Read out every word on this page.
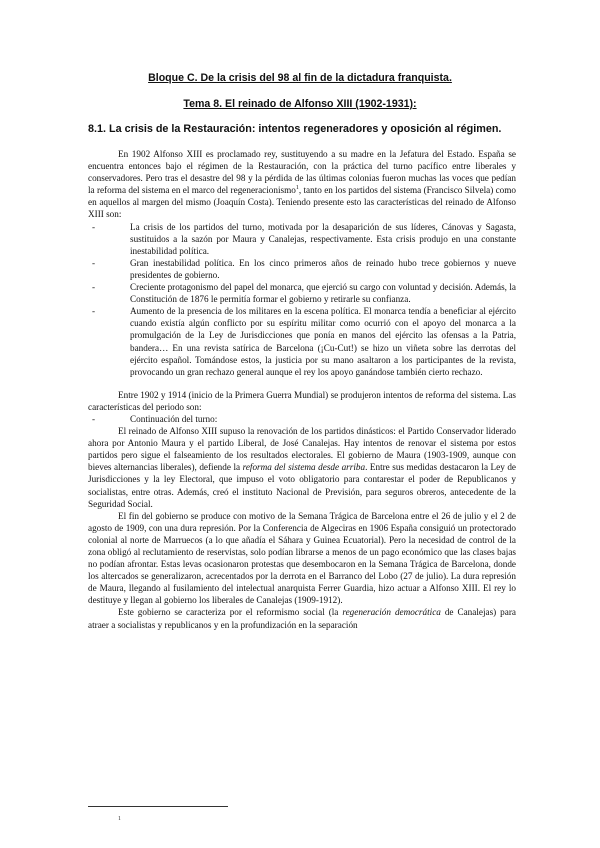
Bloque C. De la crisis del 98 al fin de la dictadura franquista.

Tema 8. El reinado de Alfonso XIII (1902-1931):

8.1. La crisis de la Restauración: intentos regeneradores y oposición al régimen.

En 1902 Alfonso XIII es proclamado rey, sustituyendo a su madre en la Jefatura del Estado. España se encuentra entonces bajo el régimen de la Restauración, con la práctica del turno pacífico entre liberales y conservadores. Pero tras el desastre del 98 y la pérdida de las últimas colonias fueron muchas las voces que pedían la reforma del sistema en el marco del regeneracionismo$^1$, tanto en los partidos del sistema (Francisco Silvela) como en aquellos al margen del mismo (Joaquín Costa). Teniendo presente esto las características del reinado de Alfonso XIII son:

-	La crisis de los partidos del turno, motivada por la desaparición de sus líderes, Cánovas y Sagasta, sustituidos a la sazón por Maura y Canalejas, respectivamente. Esta crisis produjo en una constante inestabilidad política.

-	Gran inestabilidad política. En los cinco primeros años de reinado hubo trece gobiernos y nueve presidentes de gobierno.

-	Creciente protagonismo del papel del monarca, que ejerció su cargo con voluntad y decisión. Además, la Constitución de 1876 le permitía formar el gobierno y retirarle su confianza.

-	Aumento de la presencia de los militares en la escena política. El monarca tendía a beneficiar al ejército cuando existía algún conflicto por su espíritu militar como ocurrió con el apoyo del monarca a la promulgación de la Ley de Jurisdicciones que ponía en manos del ejército las ofensas a la Patria, bandera… En una revista satírica de Barcelona (¡Cu-Cut!) se hizo un viñeta sobre las derrotas del ejército español. Tomándose estos, la justicia por su mano asaltaron a los participantes de la revista, provocando un gran rechazo general aunque el rey los apoyo ganándose también cierto rechazo.

Entre 1902 y 1914 (inicio de la Primera Guerra Mundial) se produjeron intentos de reforma del sistema. Las características del periodo son:

-	Continuación del turno:

El reinado de Alfonso XIII supuso la renovación de los partidos dinásticos: el Partido Conservador liderado ahora por Antonio Maura y el partido Liberal, de José Canalejas. Hay intentos de renovar el sistema por estos partidos pero sigue el falseamiento de los resultados electorales. El gobierno de Maura (1903-1909, aunque con bieves alternancias liberales), defiende la reforma del sistema desde arriba. Entre sus medidas destacaron la Ley de Jurisdicciones y la ley Electoral, que impuso el voto obligatorio para contarestar el poder de Republicanos y socialistas, entre otras. Además, creó el instituto Nacional de Previsión, para seguros obreros, antecedente de la Seguridad Social.

El fin del gobierno se produce con motivo de la Semana Trágica de Barcelona entre el 26 de julio y el 2 de agosto de 1909, con una dura represión. Por la Conferencia de Algeciras en 1906 España consiguió un protectorado colonial al norte de Marruecos (a lo que añadía el Sáhara y Guinea Ecuatorial). Pero la necesidad de control de la zona obligó al reclutamiento de reservistas, solo podían librarse a menos de un pago económico que las clases bajas no podían afrontar. Estas levas ocasionaron protestas que desembocaron en la Semana Trágica de Barcelona, donde los altercados se generalizaron, acrecentados por la derrota en el Barranco del Lobo (27 de julio). La dura represión de Maura, llegando al fusilamiento del intelectual anarquista Ferrer Guardia, hizo actuar a Alfonso XIII. El rey lo destituye y llegan al gobierno los liberales de Canalejas (1909-1912).

Este gobierno se caracteriza por el reformismo social (la regeneración democrática de Canalejas) para atraer a socialistas y republicanos y en la profundización en la separación

1
